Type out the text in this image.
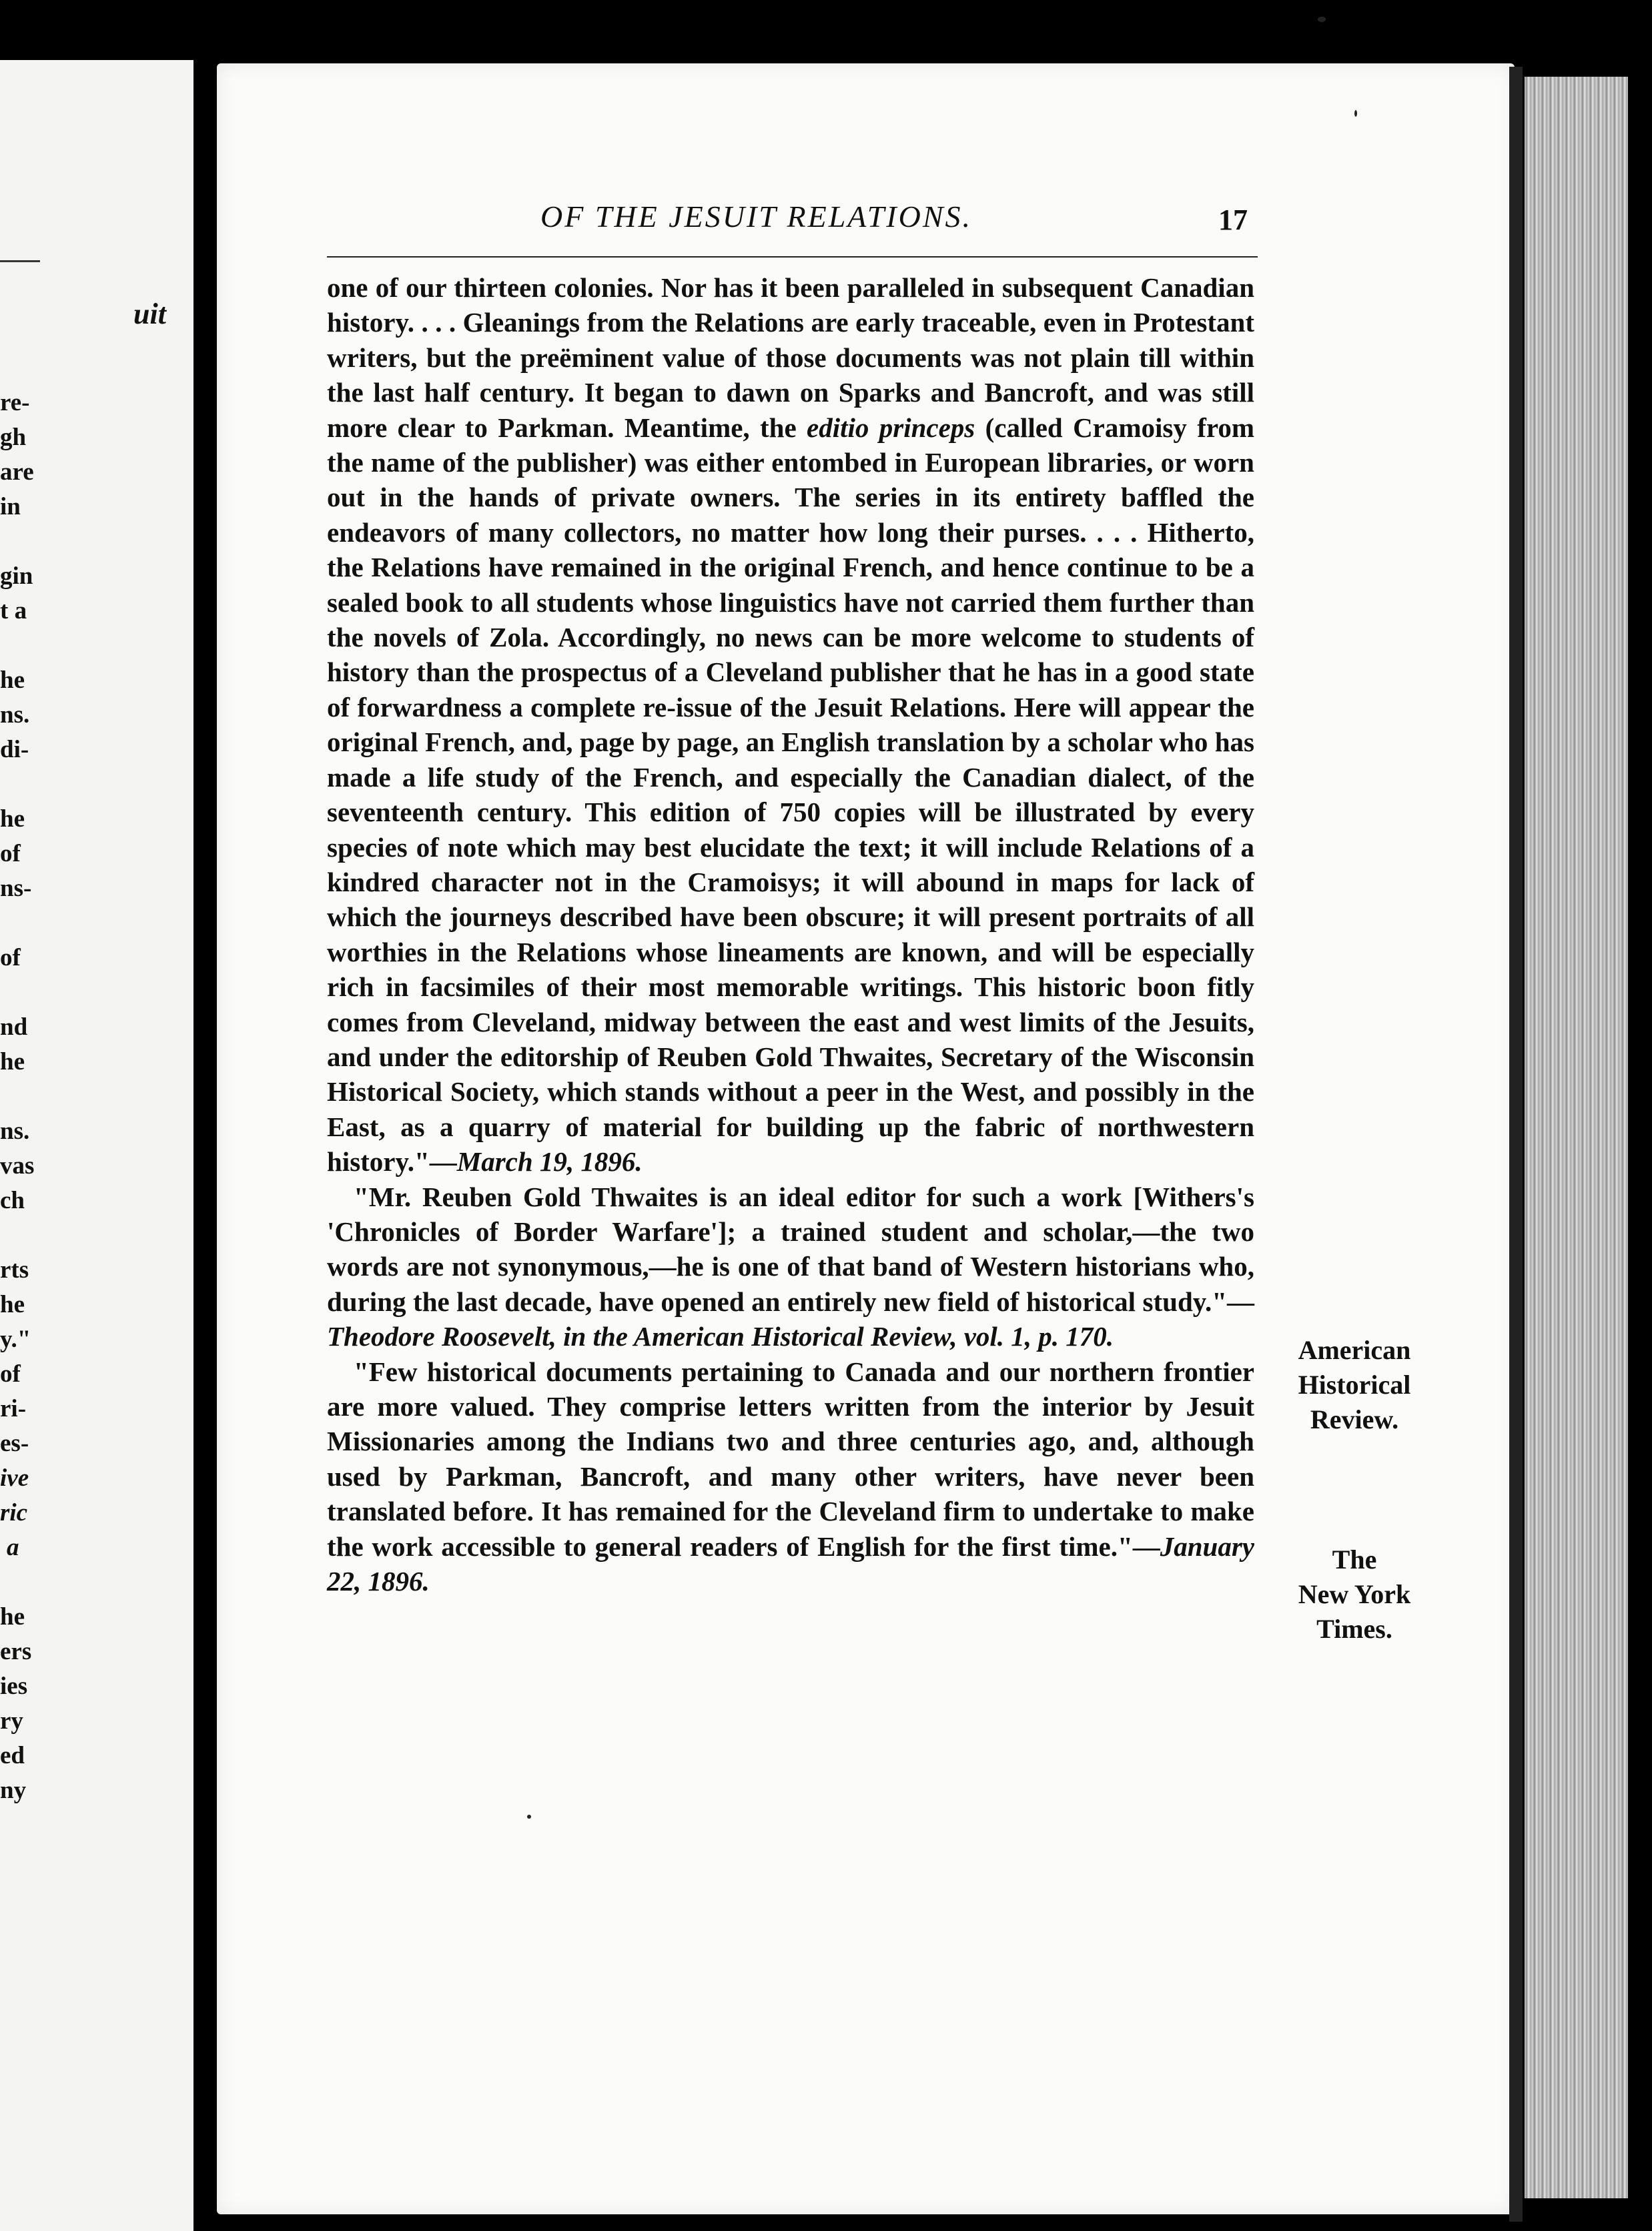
uit
re-
gh
are
in
gin
t a
he
ns.
di-
he
of
ns-
of
nd
he
ns.
vas
ch
rts
he
y."
of
ri-
es-
ive
ric
a
he
ers
ies
ry
ed
ny
OF THE JESUIT RELATIONS.	17

one of our thirteen colonies. Nor has it been paralleled in subsequent Canadian history. . . . Gleanings from the Relations are early traceable, even in Protestant writers, but the preëminent value of those documents was not plain till within the last half century. It began to dawn on Sparks and Bancroft, and was still more clear to Parkman. Meantime, the editio princeps (called Cramoisy from the name of the publisher) was either entombed in European libraries, or worn out in the hands of private owners. The series in its entirety baffled the endeavors of many collectors, no matter how long their purses. . . . Hitherto, the Relations have remained in the original French, and hence continue to be a sealed book to all students whose linguistics have not carried them further than the novels of Zola. Accordingly, no news can be more welcome to students of history than the prospectus of a Cleveland publisher that he has in a good state of forwardness a complete re-issue of the Jesuit Relations. Here will appear the original French, and, page by page, an English translation by a scholar who has made a life study of the French, and especially the Canadian dialect, of the seventeenth century. This edition of 750 copies will be illustrated by every species of note which may best elucidate the text; it will include Relations of a kindred character not in the Cramoisys; it will abound in maps for lack of which the journeys described have been obscure; it will present portraits of all worthies in the Relations whose lineaments are known, and will be especially rich in facsimiles of their most memorable writings. This historic boon fitly comes from Cleveland, midway between the east and west limits of the Jesuits, and under the editorship of Reuben Gold Thwaites, Secretary of the Wisconsin Historical Society, which stands without a peer in the West, and possibly in the East, as a quarry of material for building up the fabric of northwestern history."—March 19, 1896.

"Mr. Reuben Gold Thwaites is an ideal editor for such a work [Withers's 'Chronicles of Border Warfare']; a trained student and scholar,—the two words are not synonymous,—he is one of that band of Western historians who, during the last decade, have opened an entirely new field of historical study."—Theodore Roosevelt, in the American Historical Review, vol. 1, p. 170.

"Few historical documents pertaining to Canada and our northern frontier are more valued. They comprise letters written from the interior by Jesuit Missionaries among the Indians two and three centuries ago, and, although used by Parkman, Bancroft, and many other writers, have never been translated before. It has remained for the Cleveland firm to undertake to make the work accessible to general readers of English for the first time."—January 22, 1896.

American
Historical
Review.
The
New York
Times.
